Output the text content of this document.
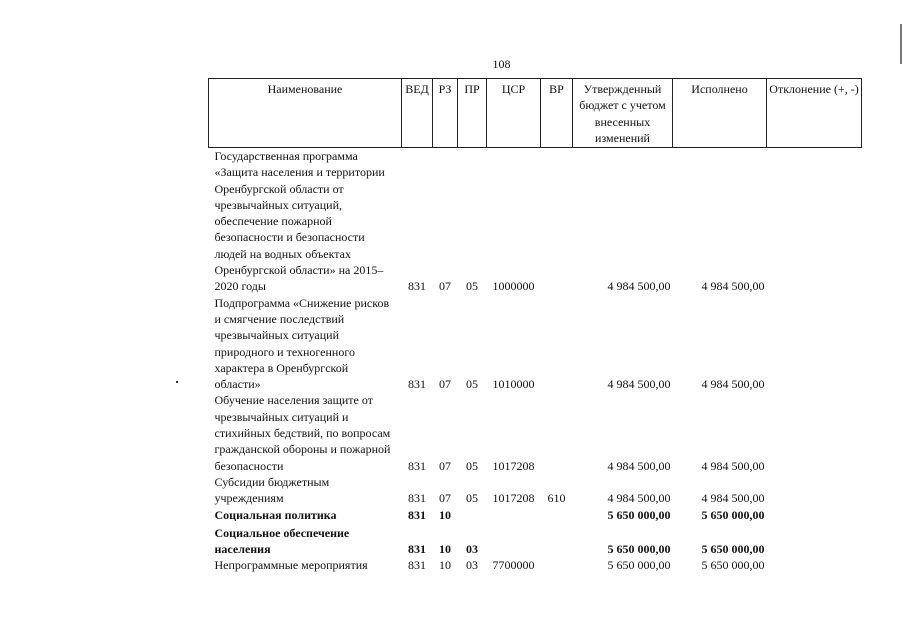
108
Наименование	ВЕД	РЗ	ПР	ЦСР	ВР	Утвержденный бюджет с учетом внесенных изменений	Исполнено	Отклонение (+, -)
Государственная программа «Защита населения и территории Оренбургской области от чрезвычайных ситуаций, обеспечение пожарной безопасности и безопасности людей на водных объектах Оренбургской области» на 2015–2020 годы	831	07	05	1000000		4 984 500,00	4 984 500,00	
Подпрограмма «Снижение рисков и смягчение последствий чрезвычайных ситуаций природного и техногенного характера в Оренбургской области»	831	07	05	1010000		4 984 500,00	4 984 500,00	
Обучение населения защите от чрезвычайных ситуаций и стихийных бедствий, по вопросам гражданской обороны и пожарной безопасности	831	07	05	1017208		4 984 500,00	4 984 500,00	
Субсидии бюджетным учреждениям	831	07	05	1017208	610	4 984 500,00	4 984 500,00	
Социальная политика	831	10				5 650 000,00	5 650 000,00	
Социальное обеспечение населения	831	10	03			5 650 000,00	5 650 000,00	
Непрограммные мероприятия	831	10	03	7700000		5 650 000,00	5 650 000,00	
